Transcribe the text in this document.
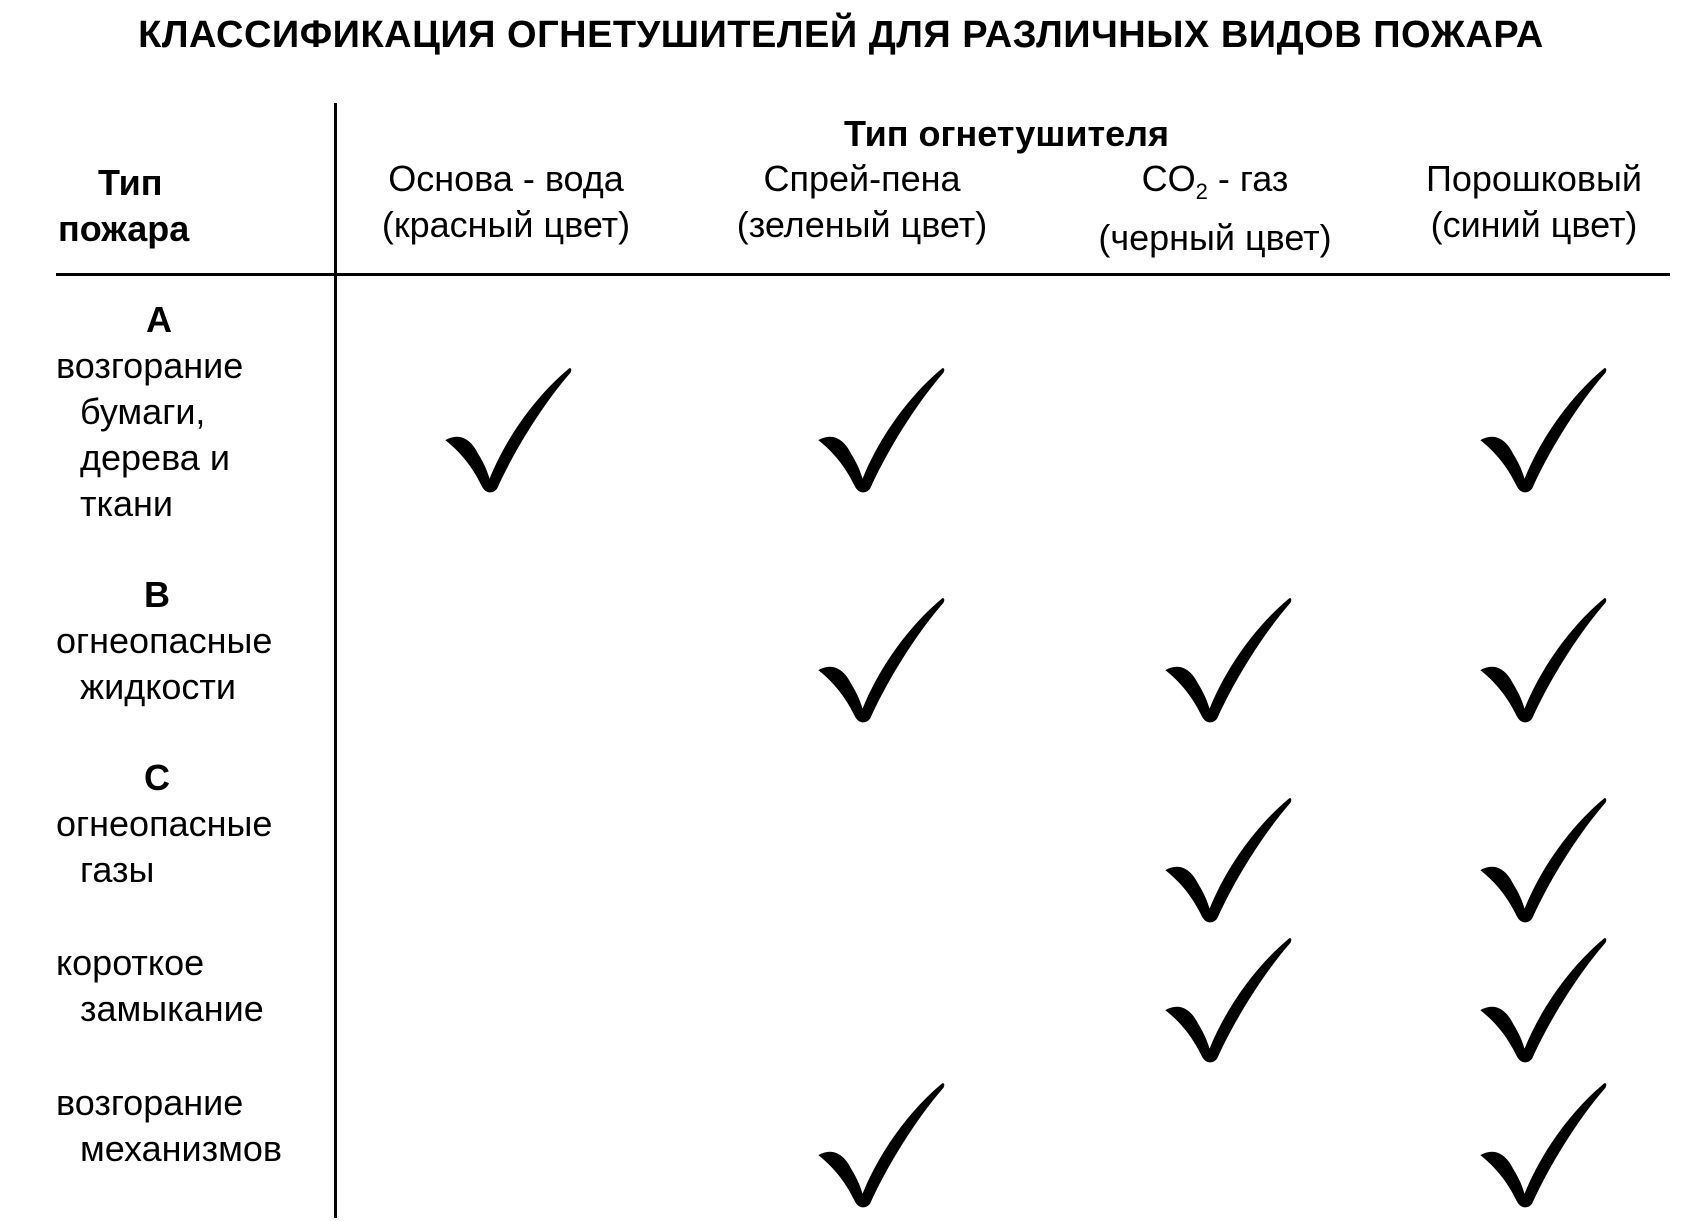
КЛАССИФИКАЦИЯ ОГНЕТУШИТЕЛЕЙ ДЛЯ РАЗЛИЧНЫХ ВИДОВ ПОЖАРА
Тип
пожара
Тип огнетушителя
Основа - вода
(красный цвет)
Спрей-пена
(зеленый цвет)
$CO_2$ - газ
(черный цвет)
Порошковый
(синий цвет)
A
возгорание
бумаги,
дерева и
ткани
B
огнеопасные
жидкости
C
огнеопасные
газы
короткое
замыкание
возгорание
механизмов
